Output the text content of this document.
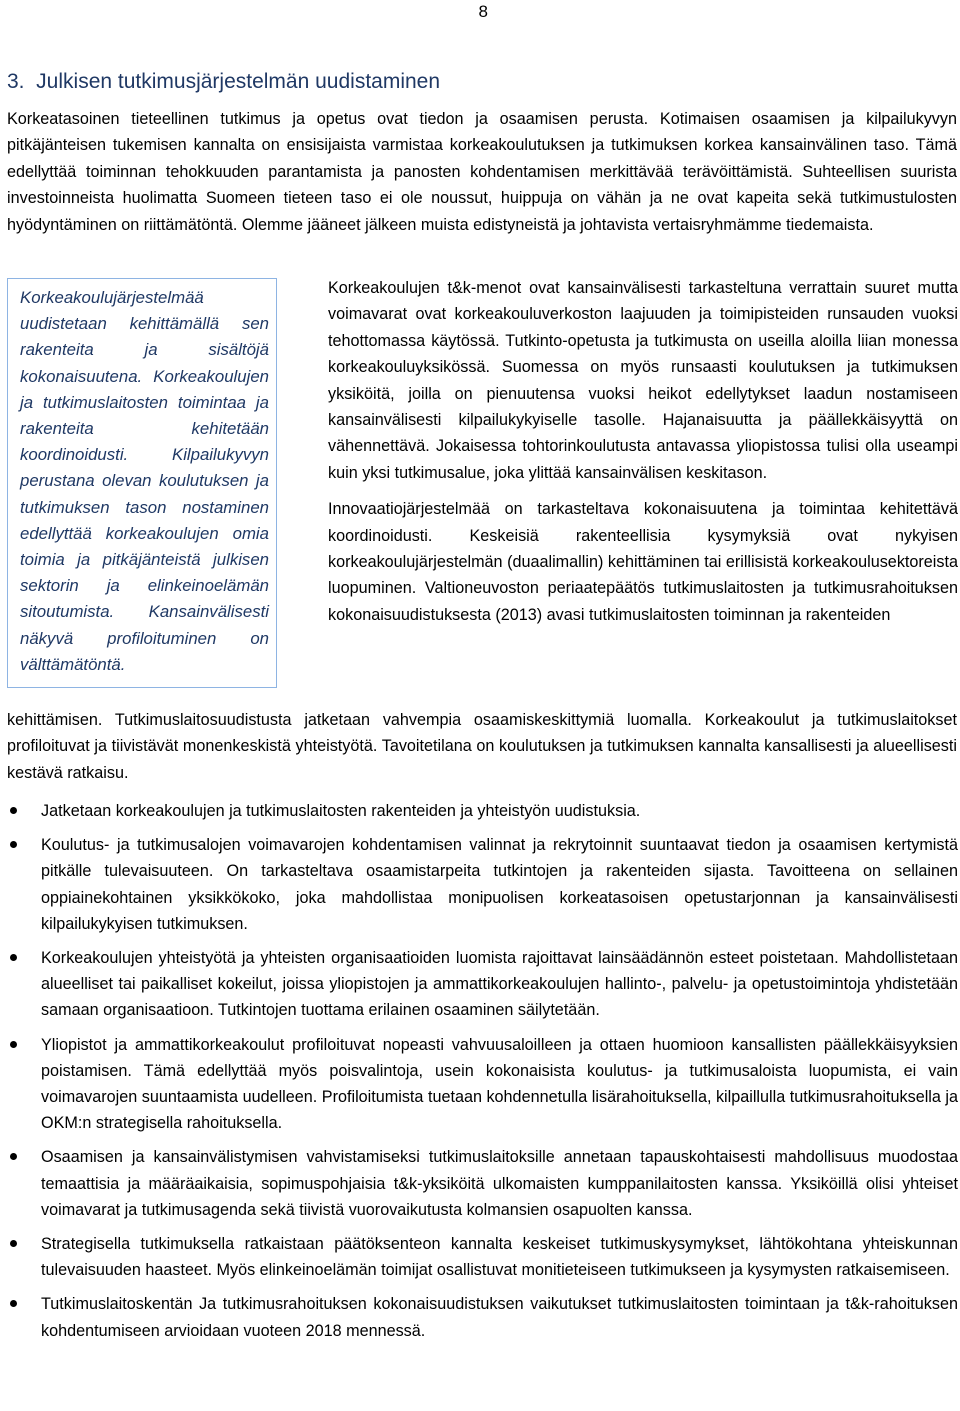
8
3.  Julkisen tutkimusjärjestelmän uudistaminen

Korkeatasoinen tieteellinen tutkimus ja opetus ovat tiedon ja osaamisen perusta. Kotimaisen osaamisen ja kilpailukyvyn pitkäjänteisen tukemisen kannalta on ensisijaista varmistaa korkeakoulutuksen ja tutkimuksen korkea kansainvälinen taso. Tämä edellyttää toiminnan tehokkuuden parantamista ja panosten kohdentamisen merkittävää terävöittämistä. Suhteellisen suurista investoinneista huolimatta Suomeen tieteen taso ei ole noussut, huippuja on vähän ja ne ovat kapeita sekä tutkimustulosten hyödyntäminen on riittämätöntä. Olemme jääneet jälkeen muista edistyneistä ja johtavista vertaisryhmämme tiedemaista.

Korkeakoulujärjestelmää uudistetaan kehittämällä sen rakenteita ja sisältöjä kokonaisuutena. Korkeakoulujen ja tutkimuslaitosten toimintaa ja rakenteita kehitetään koordinoidusti. Kilpailukyvyn perustana olevan koulutuksen ja tutkimuksen tason nostaminen edellyttää korkeakoulujen omia toimia ja pitkäjänteistä julkisen sektorin ja elinkeinoelämän sitoutumista. Kansainvälisesti näkyvä profiloituminen on välttämätöntä.

Korkeakoulujen t&k-menot ovat kansainvälisesti tarkasteltuna verrattain suuret mutta voimavarat ovat korkeakouluverkoston laajuuden ja toimipisteiden runsauden vuoksi tehottomassa käytössä. Tutkinto-opetusta ja tutkimusta on useilla aloilla liian monessa korkeakouluyksikössä. Suomessa on myös runsaasti koulutuksen ja tutkimuksen yksiköitä, joilla on pienuutensa vuoksi heikot edellytykset laadun nostamiseen kansainvälisesti kilpailukykyiselle tasolle. Hajanaisuutta ja päällekkäisyyttä on vähennettävä. Jokaisessa tohtorinkoulutusta antavassa yliopistossa tulisi olla useampi kuin yksi tutkimusalue, joka ylittää kansainvälisen keskitason.

Innovaatiojärjestelmää on tarkasteltava kokonaisuutena ja toimintaa kehitettävä koordinoidusti. Keskeisiä rakenteellisia kysymyksiä ovat nykyisen korkeakoulujärjestelmän (duaalimallin) kehittäminen tai erillisistä korkeakoulusektoreista luopuminen. Valtioneuvoston periaatepäätös tutkimuslaitosten ja tutkimusrahoituksen kokonaisuudistuksesta (2013) avasi tutkimuslaitosten toiminnan ja rakenteiden

kehittämisen. Tutkimuslaitosuudistusta jatketaan vahvempia osaamiskeskittymiä luomalla. Korkeakoulut ja tutkimuslaitokset profiloituvat ja tiivistävät monenkeskistä yhteistyötä. Tavoitetilana on koulutuksen ja tutkimuksen kannalta kansallisesti ja alueellisesti kestävä ratkaisu.

Jatketaan korkeakoulujen ja tutkimuslaitosten rakenteiden ja yhteistyön uudistuksia.
Koulutus- ja tutkimusalojen voimavarojen kohdentamisen valinnat ja rekrytoinnit suuntaavat tiedon ja osaamisen kertymistä pitkälle tulevaisuuteen. On tarkasteltava osaamistarpeita tutkintojen ja rakenteiden sijasta. Tavoitteena on sellainen oppiainekohtainen yksikkökoko, joka mahdollistaa monipuolisen korkeatasoisen opetustarjonnan ja kansainvälisesti kilpailukykyisen tutkimuksen.
Korkeakoulujen yhteistyötä ja yhteisten organisaatioiden luomista rajoittavat lainsäädännön esteet poistetaan. Mahdollistetaan alueelliset tai paikalliset kokeilut, joissa yliopistojen ja ammattikorkeakoulujen hallinto-, palvelu- ja opetustoimintoja yhdistetään samaan organisaatioon. Tutkintojen tuottama erilainen osaaminen säilytetään.
Yliopistot ja ammattikorkeakoulut profiloituvat nopeasti vahvuusaloilleen ja ottaen huomioon kansallisten päällekkäisyyksien poistamisen. Tämä edellyttää myös poisvalintoja, usein kokonaisista koulutus- ja tutkimusaloista luopumista, ei vain voimavarojen suuntaamista uudelleen. Profiloitumista tuetaan kohdennetulla lisärahoituksella, kilpaillulla tutkimusrahoituksella ja OKM:n strategisella rahoituksella.
Osaamisen ja kansainvälistymisen vahvistamiseksi tutkimuslaitoksille annetaan tapauskohtaisesti mahdollisuus muodostaa temaattisia ja määräaikaisia, sopimuspohjaisia t&k-yksiköitä ulkomaisten kumppanilaitosten kanssa. Yksiköillä olisi yhteiset voimavarat ja tutkimusagenda sekä tiivistä vuorovaikutusta kolmansien osapuolten kanssa.
Strategisella tutkimuksella ratkaistaan päätöksenteon kannalta keskeiset tutkimuskysymykset, lähtökohtana yhteiskunnan tulevaisuuden haasteet. Myös elinkeinoelämän toimijat osallistuvat monitieteiseen tutkimukseen ja kysymysten ratkaisemiseen.
Tutkimuslaitoskentän Ja tutkimusrahoituksen kokonaisuudistuksen vaikutukset tutkimuslaitosten toimintaan ja t&k-rahoituksen kohdentumiseen arvioidaan vuoteen 2018 mennessä.
